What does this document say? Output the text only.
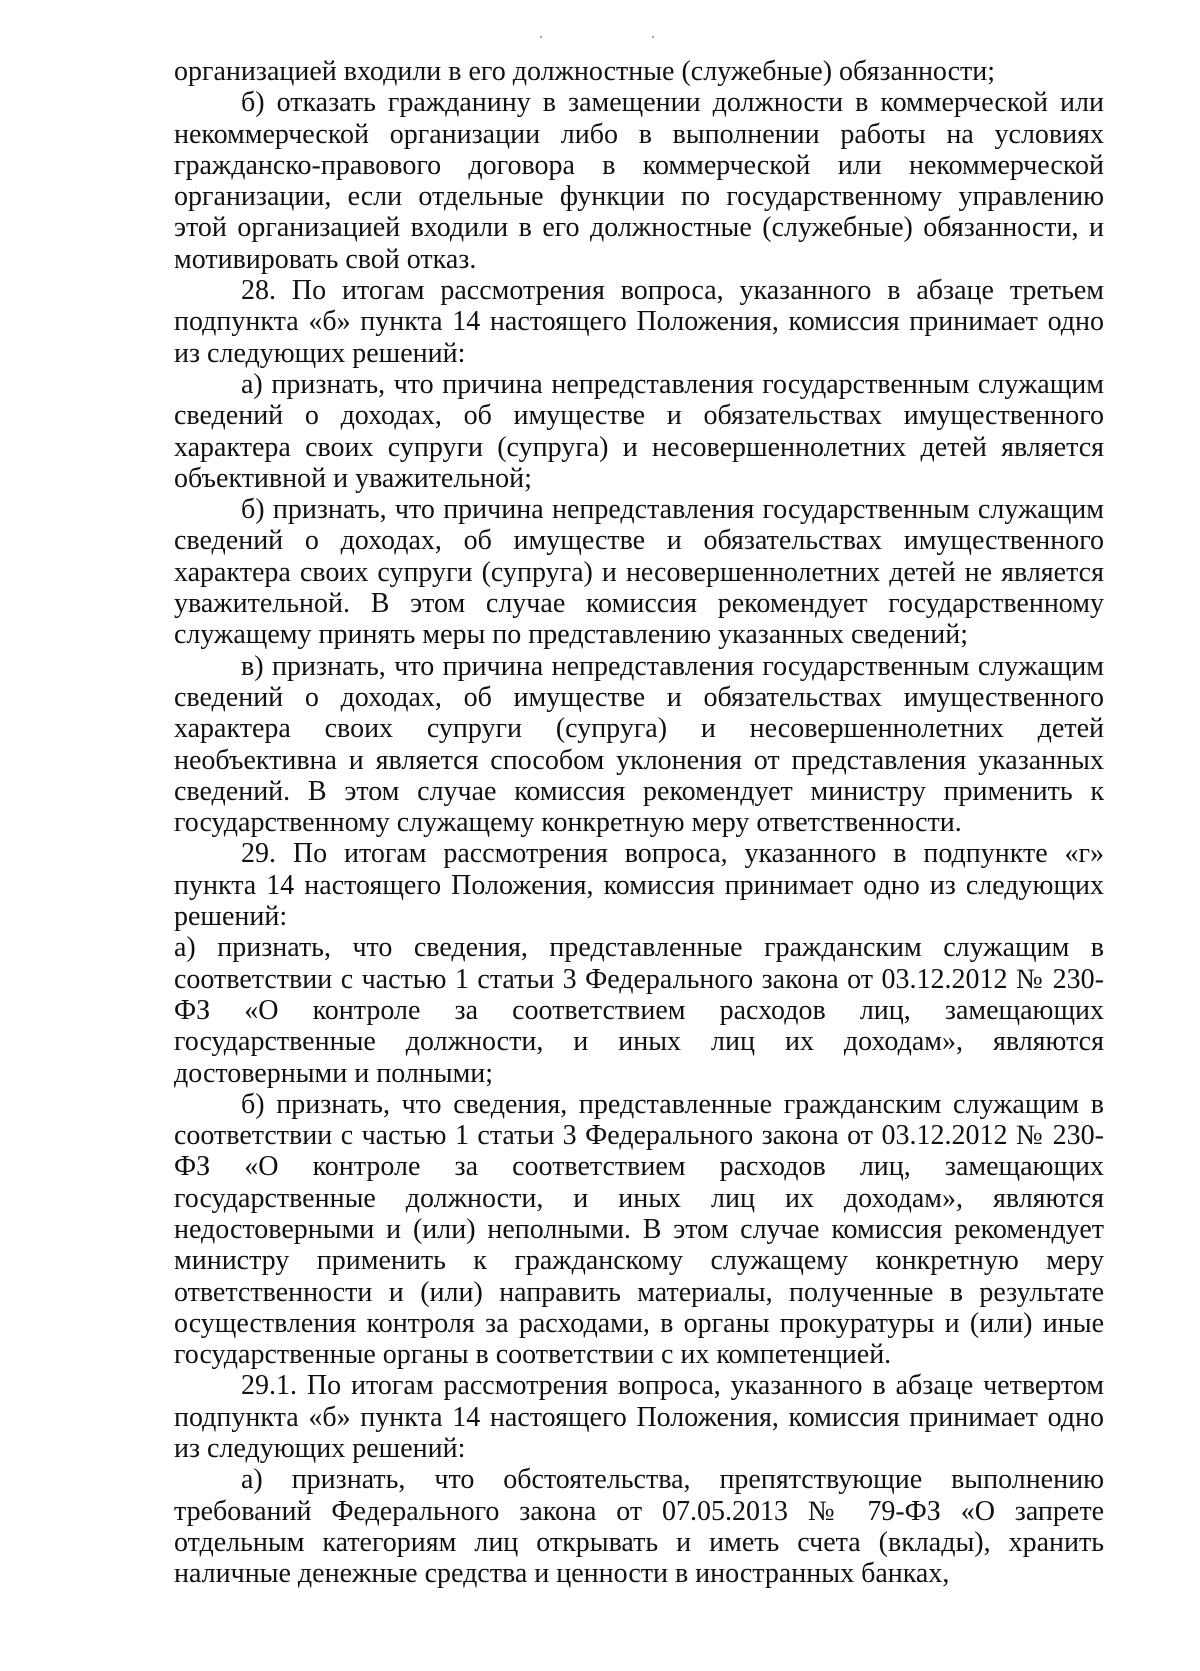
организацией входили в его должностные (служебные) обязанности;

б) отказать гражданину в замещении должности в коммерческой или некоммерческой организации либо в выполнении работы на условиях гражданско-правового договора в коммерческой или некоммерческой организации, если отдельные функции по государственному управлению этой организацией входили в его должностные (служебные) обязанности, и мотивировать свой отказ.

28. По итогам рассмотрения вопроса, указанного в абзаце третьем подпункта «б» пункта 14 настоящего Положения, комиссия принимает одно из следующих решений:

а) признать, что причина непредставления государственным служащим сведений о доходах, об имуществе и обязательствах имущественного характера своих супруги (супруга) и несовершеннолетних детей является объективной и уважительной;

б) признать, что причина непредставления государственным служащим сведений о доходах, об имуществе и обязательствах имущественного характера своих супруги (супруга) и несовершеннолетних детей не является уважительной. В этом случае комиссия рекомендует государственному служащему принять меры по представлению указанных сведений;

в) признать, что причина непредставления государственным служащим сведений о доходах, об имуществе и обязательствах имущественного характера своих супруги (супруга) и несовершеннолетних детей необъективна и является способом уклонения от представления указанных сведений. В этом случае комиссия рекомендует министру применить к государственному служащему конкретную меру ответственности.

29. По итогам рассмотрения вопроса, указанного в подпункте «г» пункта 14 настоящего Положения, комиссия принимает одно из следующих решений:

а) признать, что сведения, представленные гражданским служащим в соответствии с частью 1 статьи 3 Федерального закона от 03.12.2012 № 230-ФЗ «О контроле за соответствием расходов лиц, замещающих государственные должности, и иных лиц их доходам», являются достоверными и полными;

б) признать, что сведения, представленные гражданским служащим в соответствии с частью 1 статьи 3 Федерального закона от 03.12.2012 № 230-ФЗ «О контроле за соответствием расходов лиц, замещающих государственные должности, и иных лиц их доходам», являются недостоверными и (или) неполными. В этом случае комиссия рекомендует министру применить к гражданскому служащему конкретную меру ответственности и (или) направить материалы, полученные в результате осуществления контроля за расходами, в органы прокуратуры и (или) иные государственные органы в соответствии с их компетенцией.

29.1. По итогам рассмотрения вопроса, указанного в абзаце четвертом подпункта «б» пункта 14 настоящего Положения, комиссия принимает одно из следующих решений:

а) признать, что обстоятельства, препятствующие выполнению требований Федерального закона от 07.05.2013 № 79-ФЗ «О запрете отдельным категориям лиц открывать и иметь счета (вклады), хранить наличные денежные средства и ценности в иностранных банках,
